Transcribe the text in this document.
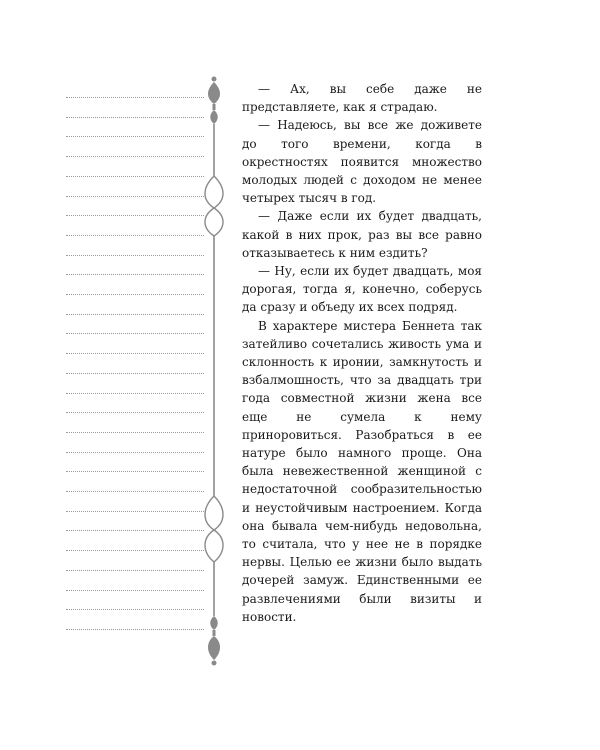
— Ах, вы себе даже не представляете, как я страдаю.

— Надеюсь, вы все же доживете до того времени, когда в окрестностях появится множество молодых людей с доходом не менее четырех тысяч в год.

— Даже если их будет двадцать, какой в них прок, раз вы все равно отказываетесь к ним ездить?

— Ну, если их будет двадцать, моя дорогая, тогда я, конечно, соберусь да сразу и объеду их всех подряд.

В характере мистера Беннета так затейливо сочетались живость ума и склонность к иронии, замкнутость и взбалмошность, что за двадцать три года совместной жизни жена все еще не сумела к нему приноровиться. Разобраться в ее натуре было намного проще. Она была невежественной женщиной с недостаточной сообразительностью и неустойчивым настроением. Когда она бывала чем-нибудь недовольна, то считала, что у нее не в порядке нервы. Целью ее жизни было выдать дочерей замуж. Единственными ее развлечениями были визиты и новости.
